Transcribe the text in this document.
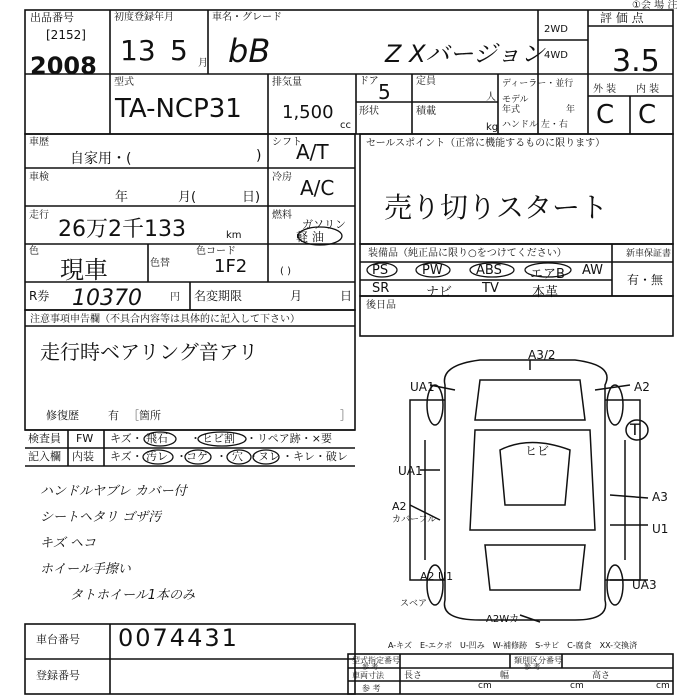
①会 場 注
出品番号
[2152]
2008
初度登録年月
13 5 月
車名・グレード
bB	Z Xバージョン
2WD
4WD
評 価 点
3.5
外 装 内 装
C C
型式
TA-NCP31
排気量
1,500
cc
ドア 5	定員
人
形状	積載
kg
ディーラー・並行
モデル
年式	年
ハンドル 左・右
車歴
自家用・(	)
シフト
A/T
車検
年	月(	日)
冷房 A/C
走行
26万2千133	km
燃料
ガソリン
軽 油
色
現車	色替
色コード
1F2	( )
R券 10370	円 名変期限	月	日
セールスポイント（正常に機能するものに限ります）
売り切りスタート
装備品（純正品に限り○をつけてください）	新車保証書
有・無
PS	PW	ABS エアB AW
SR	ナビ TV	本革
後日品
注意事項申告欄（不具合内容等は具体的に記入して下さい）
走行時ベアリング音アリ
修復歴	有 ［箇所	］
検査員
記入欄
FW キズ・ 飛石 ・ ヒビ割 ・リペア跡・×要
内装 キズ・ 汚レ ・ コゲ ・ 穴 ・ ヌレ ・キレ・破レ
ハンドルヤブレ カバー付
シートヘタリ ゴザ汚
キズ ヘコ
ホイール手擦い
タトホイール1本のみ
A3/2
UA1	A2
T
ヒビ
UA1
A3
U1
A2
カバーフル
A2 U1
スベア
UA3
A2Wカ
車台番号 0074431
登録番号
A-キズ　E-エクボ　U-凹み　W-補修跡　S-サビ　C-腐食　XX-交換済
型式指定番号
参 考
類別区分番号
参 考
車両寸法
参 考
長さ
cm
幅
cm
高さ
cm
